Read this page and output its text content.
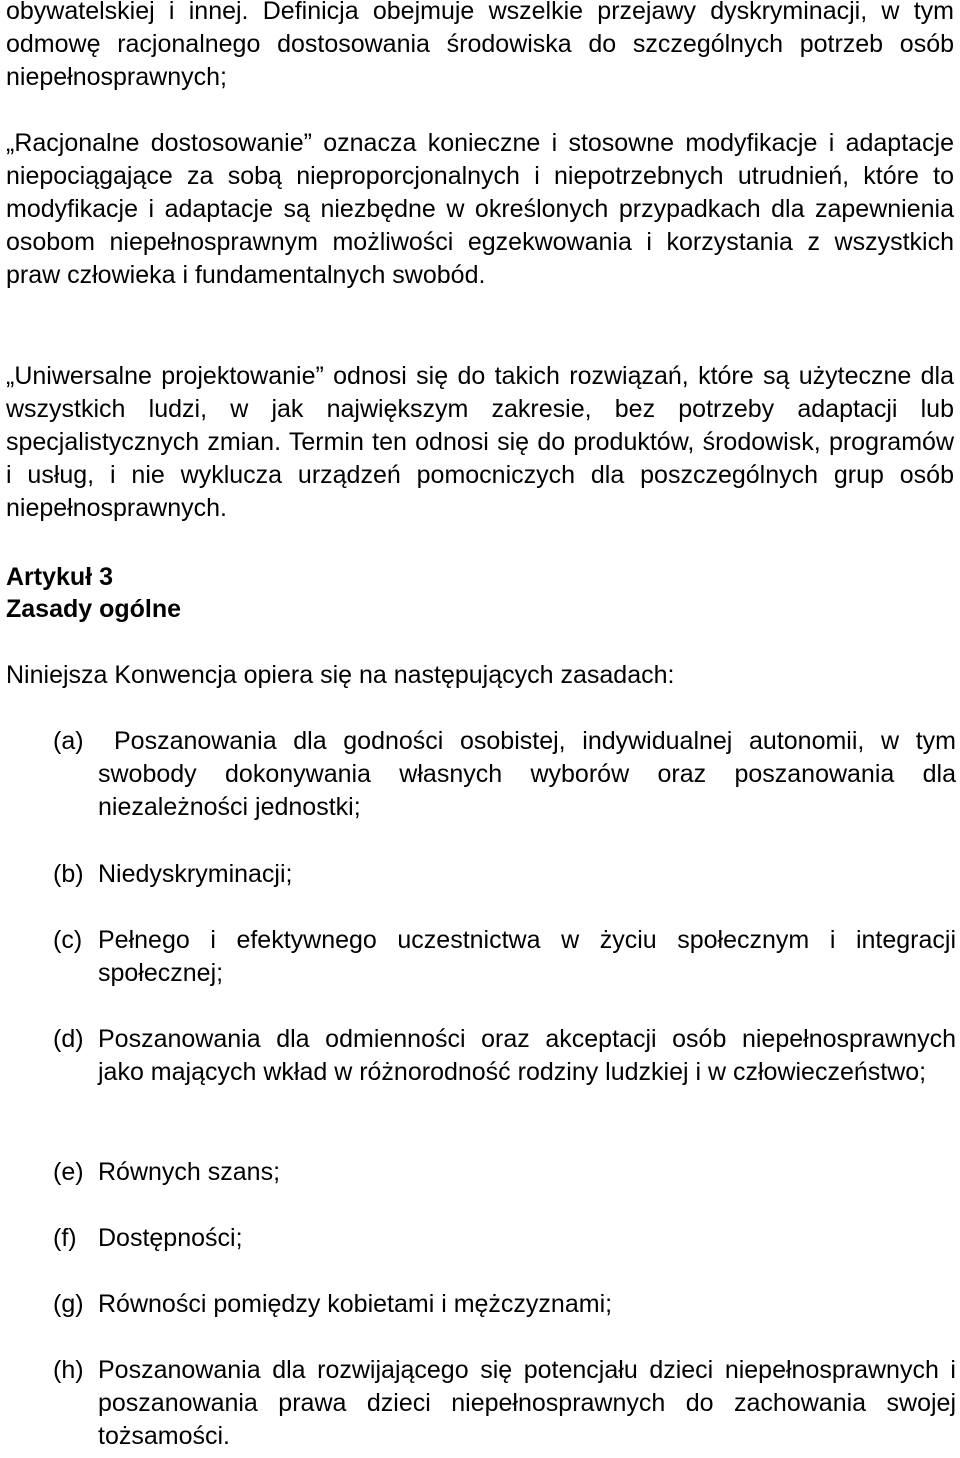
obywatelskiej i innej. Definicja obejmuje wszelkie przejawy dyskryminacji, w tym odmowę racjonalnego dostosowania środowiska do szczególnych potrzeb osób niepełnosprawnych;

„Racjonalne dostosowanie” oznacza konieczne i stosowne modyfikacje i adaptacje niepociągające za sobą nieproporcjonalnych i niepotrzebnych utrudnień, które to modyfikacje i adaptacje są niezbędne w określonych przypadkach dla zapewnienia osobom niepełnosprawnym możliwości egzekwowania i korzystania z wszystkich praw człowieka i fundamentalnych swobód.

„Uniwersalne projektowanie” odnosi się do takich rozwiązań, które są użyteczne dla wszystkich ludzi, w jak największym zakresie, bez potrzeby adaptacji lub specjalistycznych zmian. Termin ten odnosi się do produktów, środowisk, programów i usług, i nie wyklucza urządzeń pomocniczych dla poszczególnych grup osób niepełnosprawnych.

Artykuł 3
Zasady ogólne

Niniejsza Konwencja opiera się na następujących zasadach:

(a)	Poszanowania dla godności osobistej, indywidualnej autonomii, w tym swobody dokonywania własnych wyborów oraz poszanowania dla niezależności jednostki;

(b) Niedyskryminacji;

(c) Pełnego i efektywnego uczestnictwa w życiu społecznym i integracji społecznej;

(d) Poszanowania dla odmienności oraz akceptacji osób niepełnosprawnych jako mających wkład w różnorodność rodziny ludzkiej i w człowieczeństwo;

(e) Równych szans;

(f) Dostępności;

(g) Równości pomiędzy kobietami i mężczyznami;

(h) Poszanowania dla rozwijającego się potencjału dzieci niepełnosprawnych i poszanowania prawa dzieci niepełnosprawnych do zachowania swojej tożsamości.
